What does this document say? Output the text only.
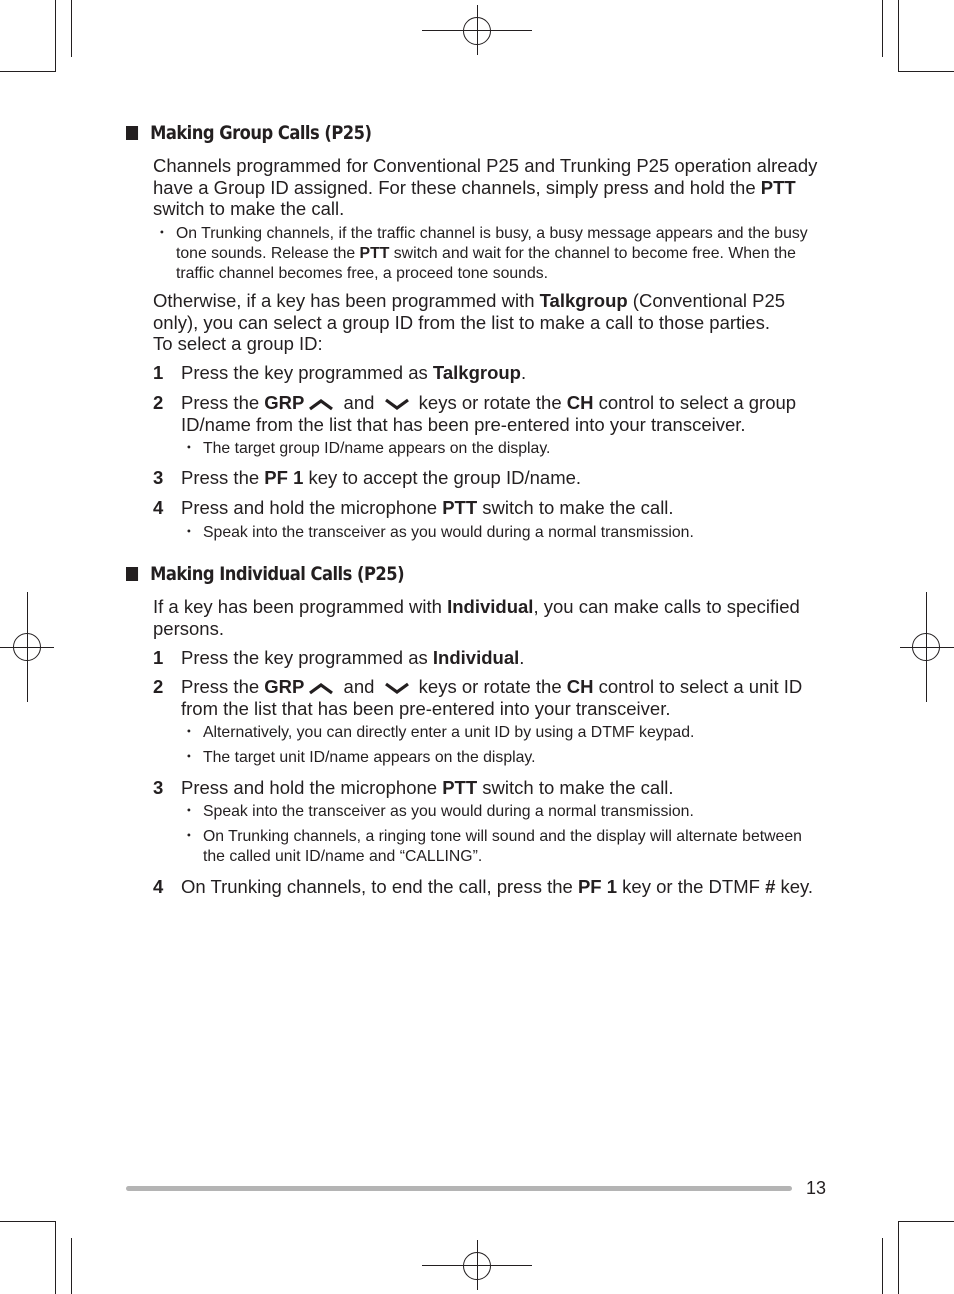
Making Group Calls (P25)

Channels programmed for Conventional P25 and Trunking P25 operation already have a Group ID assigned. For these channels, simply press and hold the PTT switch to make the call.

・ On Trunking channels, if the traffic channel is busy, a busy message appears and the busy tone sounds. Release the PTT switch and wait for the channel to become free. When the traffic channel becomes free, a proceed tone sounds.

Otherwise, if a key has been programmed with Talkgroup (Conventional P25 only), you can select a group ID from the list to make a call to those parties.

To select a group ID:

1 Press the key programmed as Talkgroup.
2 Press the GRP and  keys or rotate the CH control to select a group ID/name from the list that has been pre-entered into your transceiver.

・ The target group ID/name appears on the display.

3 Press the PF 1 key to accept the group ID/name.
4 Press and hold the microphone PTT switch to make the call.

・ Speak into the transceiver as you would during a normal transmission.

Making Individual Calls (P25)

If a key has been programmed with Individual, you can make calls to specified persons.

1 Press the key programmed as Individual.
2 Press the GRP and  keys or rotate the CH control to select a unit ID from the list that has been pre-entered into your transceiver.

・ Alternatively, you can directly enter a unit ID by using a DTMF keypad.

・ The target unit ID/name appears on the display.

3 Press and hold the microphone PTT switch to make the call.

・ Speak into the transceiver as you would during a normal transmission.

・ On Trunking channels, a ringing tone will sound and the display will alternate between the called unit ID/name and “CALLING”.

4 On Trunking channels, to end the call, press the PF 1 key or the DTMF # key.
13
